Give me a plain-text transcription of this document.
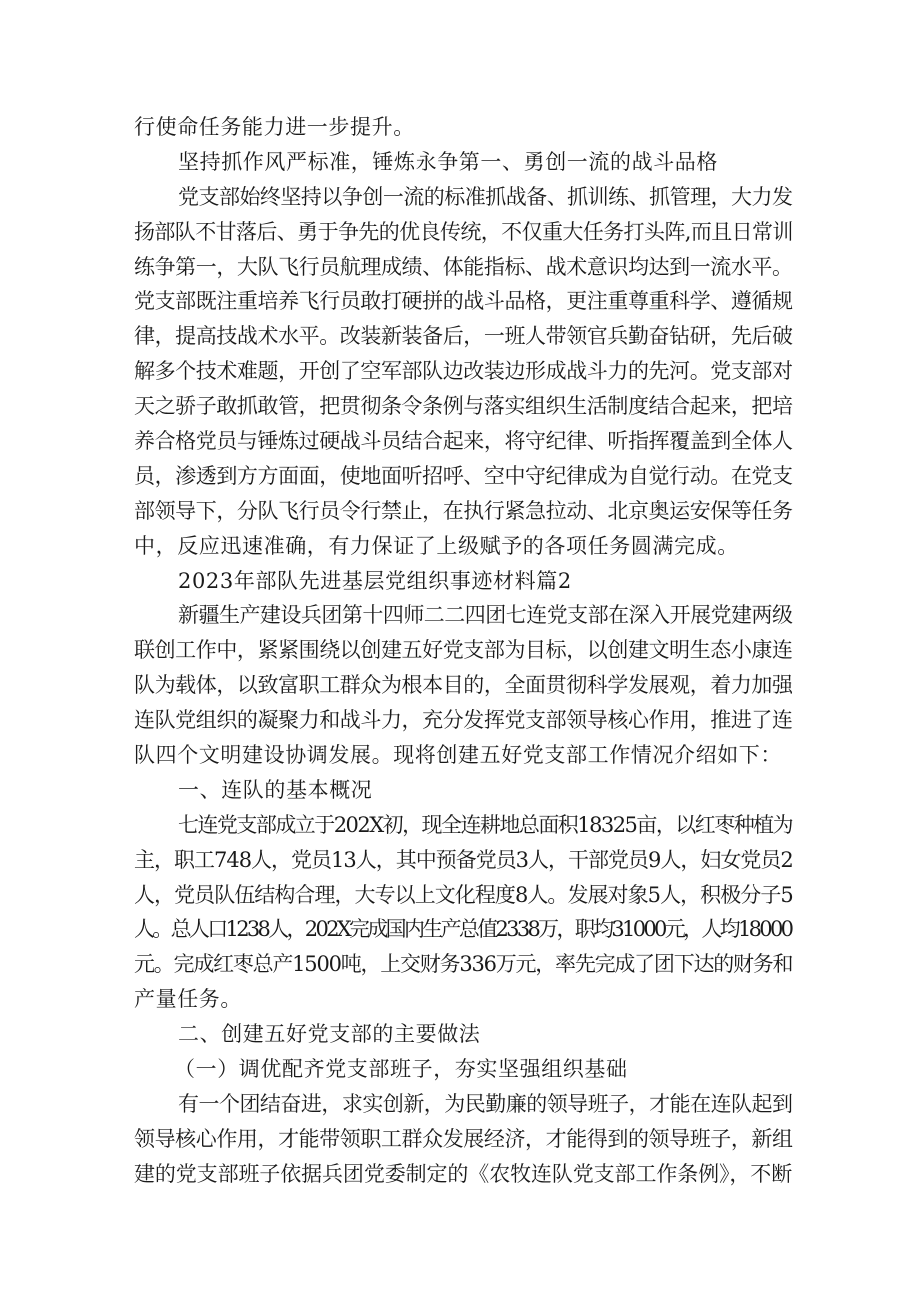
行使命任务能力进一步提升。
坚持抓作风严标准，锤炼永争第一、勇创一流的战斗品格
党支部始终坚持以争创一流的标准抓战备、抓训练、抓管理，大力发
扬部队不甘落后、勇于争先的优良传统，不仅重大任务打头阵,而且日常训
练争第一，大队飞行员航理成绩、体能指标、战术意识均达到一流水平。
党支部既注重培养飞行员敢打硬拼的战斗品格，更注重尊重科学、遵循规
律，提高技战术水平。改装新装备后，一班人带领官兵勤奋钻研，先后破
解多个技术难题，开创了空军部队边改装边形成战斗力的先河。党支部对
天之骄子敢抓敢管，把贯彻条令条例与落实组织生活制度结合起来，把培
养合格党员与锤炼过硬战斗员结合起来，将守纪律、听指挥覆盖到全体人
员，渗透到方方面面，使地面听招呼、空中守纪律成为自觉行动。在党支
部领导下，分队飞行员令行禁止，在执行紧急拉动、北京奥运安保等任务
中，反应迅速准确，有力保证了上级赋予的各项任务圆满完成。
2023年部队先进基层党组织事迹材料篇2
新疆生产建设兵团第十四师二二四团七连党支部在深入开展党建两级
联创工作中，紧紧围绕以创建五好党支部为目标，以创建文明生态小康连
队为载体，以致富职工群众为根本目的，全面贯彻科学发展观，着力加强
连队党组织的凝聚力和战斗力，充分发挥党支部领导核心作用，推进了连
队四个文明建设协调发展。现将创建五好党支部工作情况介绍如下：
一、连队的基本概况
七连党支部成立于202X初，现全连耕地总面积18325亩，以红枣种植为
主，职工748人，党员13人，其中预备党员3人，干部党员9人，妇女党员2
人，党员队伍结构合理，大专以上文化程度8人。发展对象5人，积极分子5
人。总人口1238人，202X完成国内生产总值2338万，职均31000元，人均18000
元。完成红枣总产1500吨，上交财务336万元，率先完成了团下达的财务和
产量任务。
二、创建五好党支部的主要做法
（一）调优配齐党支部班子，夯实坚强组织基础
有一个团结奋进，求实创新，为民勤廉的领导班子，才能在连队起到
领导核心作用，才能带领职工群众发展经济，才能得到的领导班子，新组
建的党支部班子依据兵团党委制定的《农牧连队党支部工作条例》，不断
